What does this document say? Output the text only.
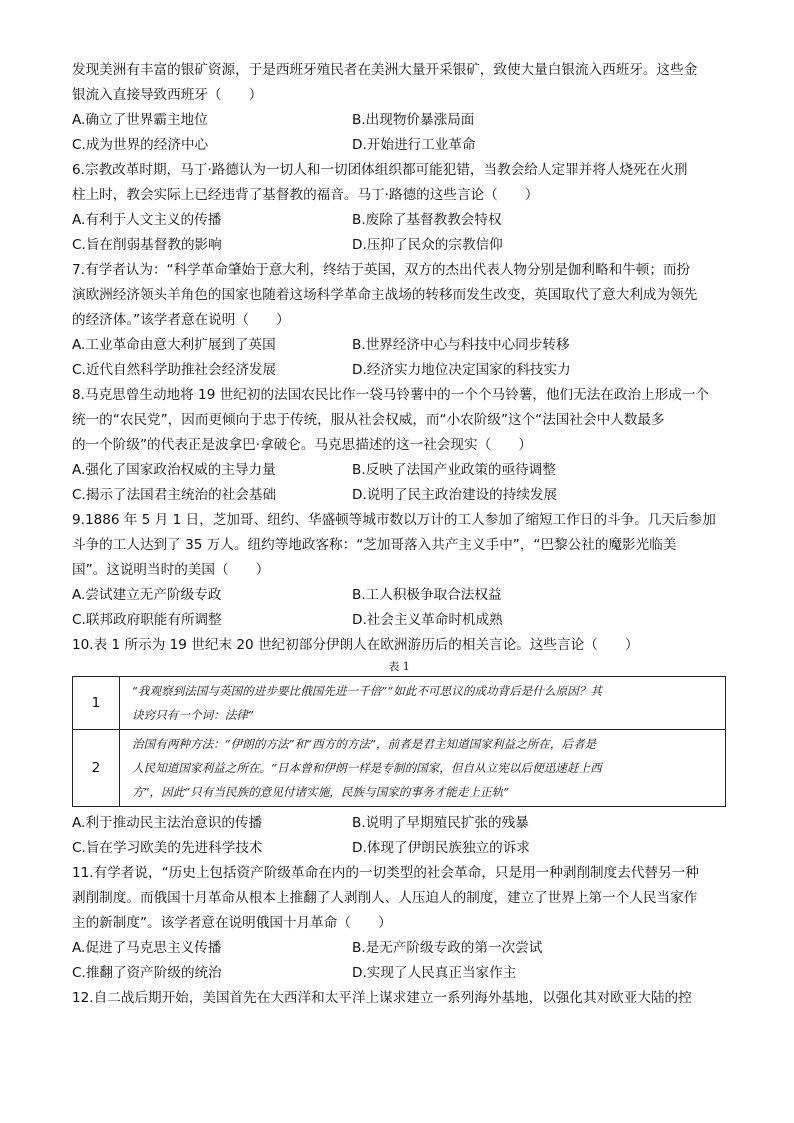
发现美洲有丰富的银矿资源，于是西班牙殖民者在美洲大量开采银矿，致使大量白银流入西班牙。这些金
银流入直接导致西班牙（　　）
A.确立了世界霸主地位	B.出现物价暴涨局面
C.成为世界的经济中心	D.开始进行工业革命
6.宗教改革时期，马丁·路德认为一切人和一切团体组织都可能犯错，当教会给人定罪并将人烧死在火刑
柱上时，教会实际上已经违背了基督教的福音。马丁·路德的这些言论（　　）
A.有利于人文主义的传播	B.废除了基督教教会特权
C.旨在削弱基督教的影响	D.压抑了民众的宗教信仰
7.有学者认为：“科学革命肇始于意大利，终结于英国，双方的杰出代表人物分别是伽利略和牛顿；而扮
演欧洲经济领头羊角色的国家也随着这场科学革命主战场的转移而发生改变，英国取代了意大利成为领先
的经济体。”该学者意在说明（　　）
A.工业革命由意大利扩展到了英国	B.世界经济中心与科技中心同步转移
C.近代自然科学助推社会经济发展	D.经济实力地位决定国家的科技实力
8.马克思曾生动地将 19 世纪初的法国农民比作一袋马铃薯中的一个个马铃薯，他们无法在政治上形成一个
统一的“农民党”，因而更倾向于忠于传统，服从社会权威，而“小农阶级”这个“法国社会中人数最多
的一个阶级”的代表正是波拿巴·拿破仑。马克思描述的这一社会现实（　　）
A.强化了国家政治权威的主导力量	B.反映了法国产业政策的亟待调整
C.揭示了法国君主统治的社会基础	D.说明了民主政治建设的持续发展
9.1886 年 5 月 1 日，芝加哥、纽约、华盛顿等城市数以万计的工人参加了缩短工作日的斗争。几天后参加
斗争的工人达到了 35 万人。纽约等地政客称：“芝加哥落入共产主义手中”，“巴黎公社的魔影光临美
国”。这说明当时的美国（　　）
A.尝试建立无产阶级专政	B.工人积极争取合法权益
C.联邦政府职能有所调整	D.社会主义革命时机成熟
10.表 1 所示为 19 世纪末 20 世纪初部分伊朗人在欧洲游历后的相关言论。这些言论（　　）
表 1
1	“我观察到法国与英国的进步要比俄国先进一千倍”“如此不可思议的成功背后是什么原因？其
诀窍只有一个词：法律”

2	治国有两种方法：“伊朗的方法”和“西方的方法”，前者是君主知道国家利益之所在，后者是
人民知道国家利益之所在。“日本曾和伊朗一样是专制的国家，但自从立宪以后便迅速赶上西
方”，因此“只有当民族的意见付诸实施，民族与国家的事务才能走上正轨”
A.利于推动民主法治意识的传播	B.说明了早期殖民扩张的残暴
C.旨在学习欧美的先进科学技术	D.体现了伊朗民族独立的诉求
11.有学者说，“历史上包括资产阶级革命在内的一切类型的社会革命，只是用一种剥削制度去代替另一种
剥削制度。而俄国十月革命从根本上推翻了人剥削人、人压迫人的制度，建立了世界上第一个人民当家作
主的新制度”。该学者意在说明俄国十月革命（　　）
A.促进了马克思主义传播	B.是无产阶级专政的第一次尝试
C.推翻了资产阶级的统治	D.实现了人民真正当家作主
12.自二战后期开始，美国首先在大西洋和太平洋上谋求建立一系列海外基地，以强化其对欧亚大陆的控
